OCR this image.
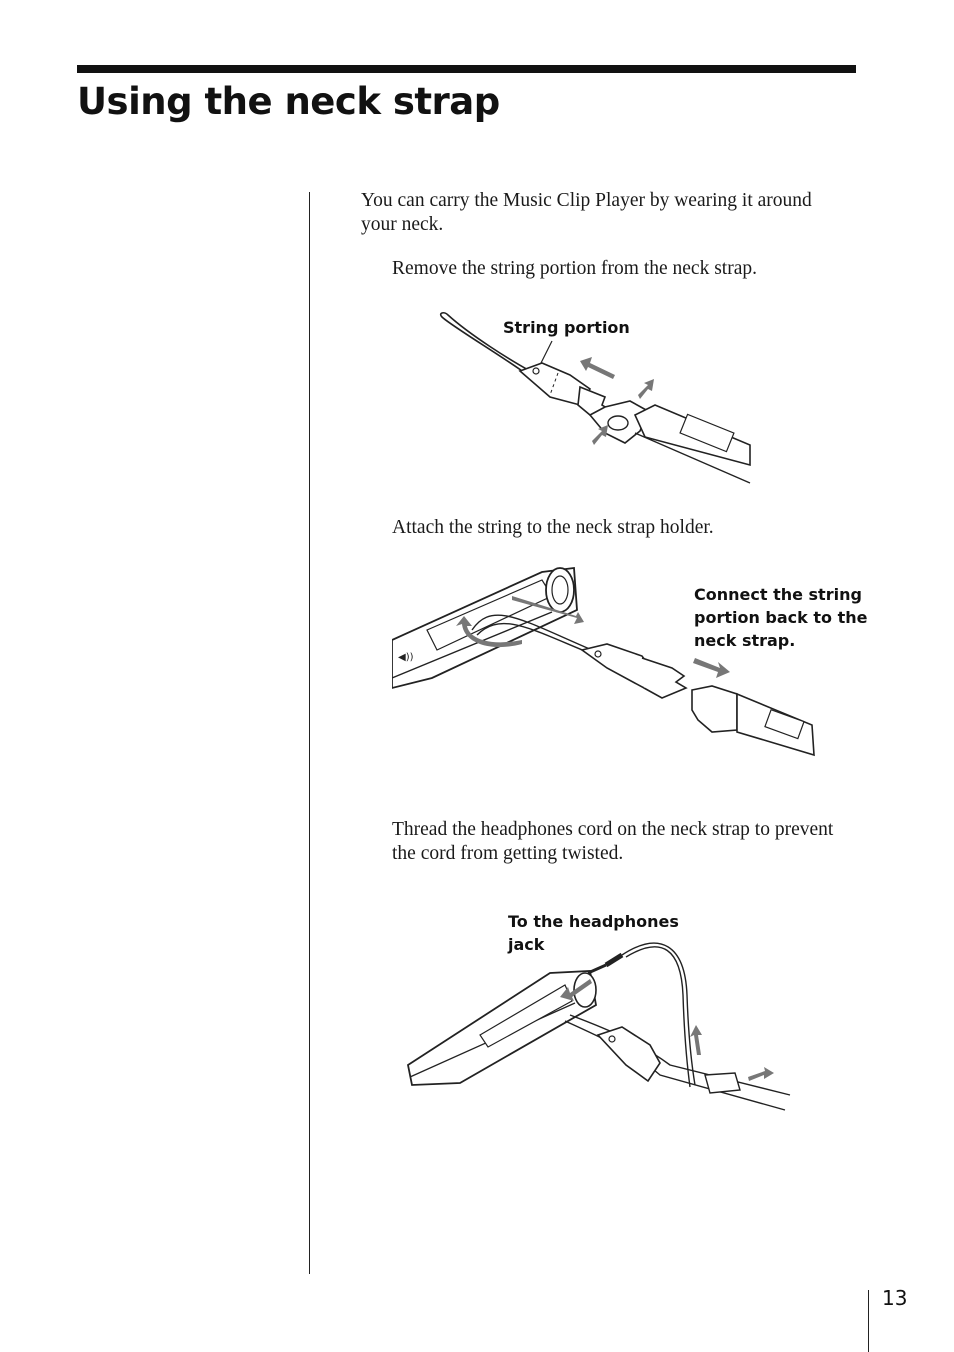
Using the neck strap

You can carry the Music Clip Player by wearing it around your neck.

Remove the string portion from the neck strap.

String portion

Attach the string to the neck strap holder.

Connect the string portion back to the neck strap.

◀))

Thread the headphones cord on the neck strap to prevent the cord from getting twisted.

To the headphones jack

13
